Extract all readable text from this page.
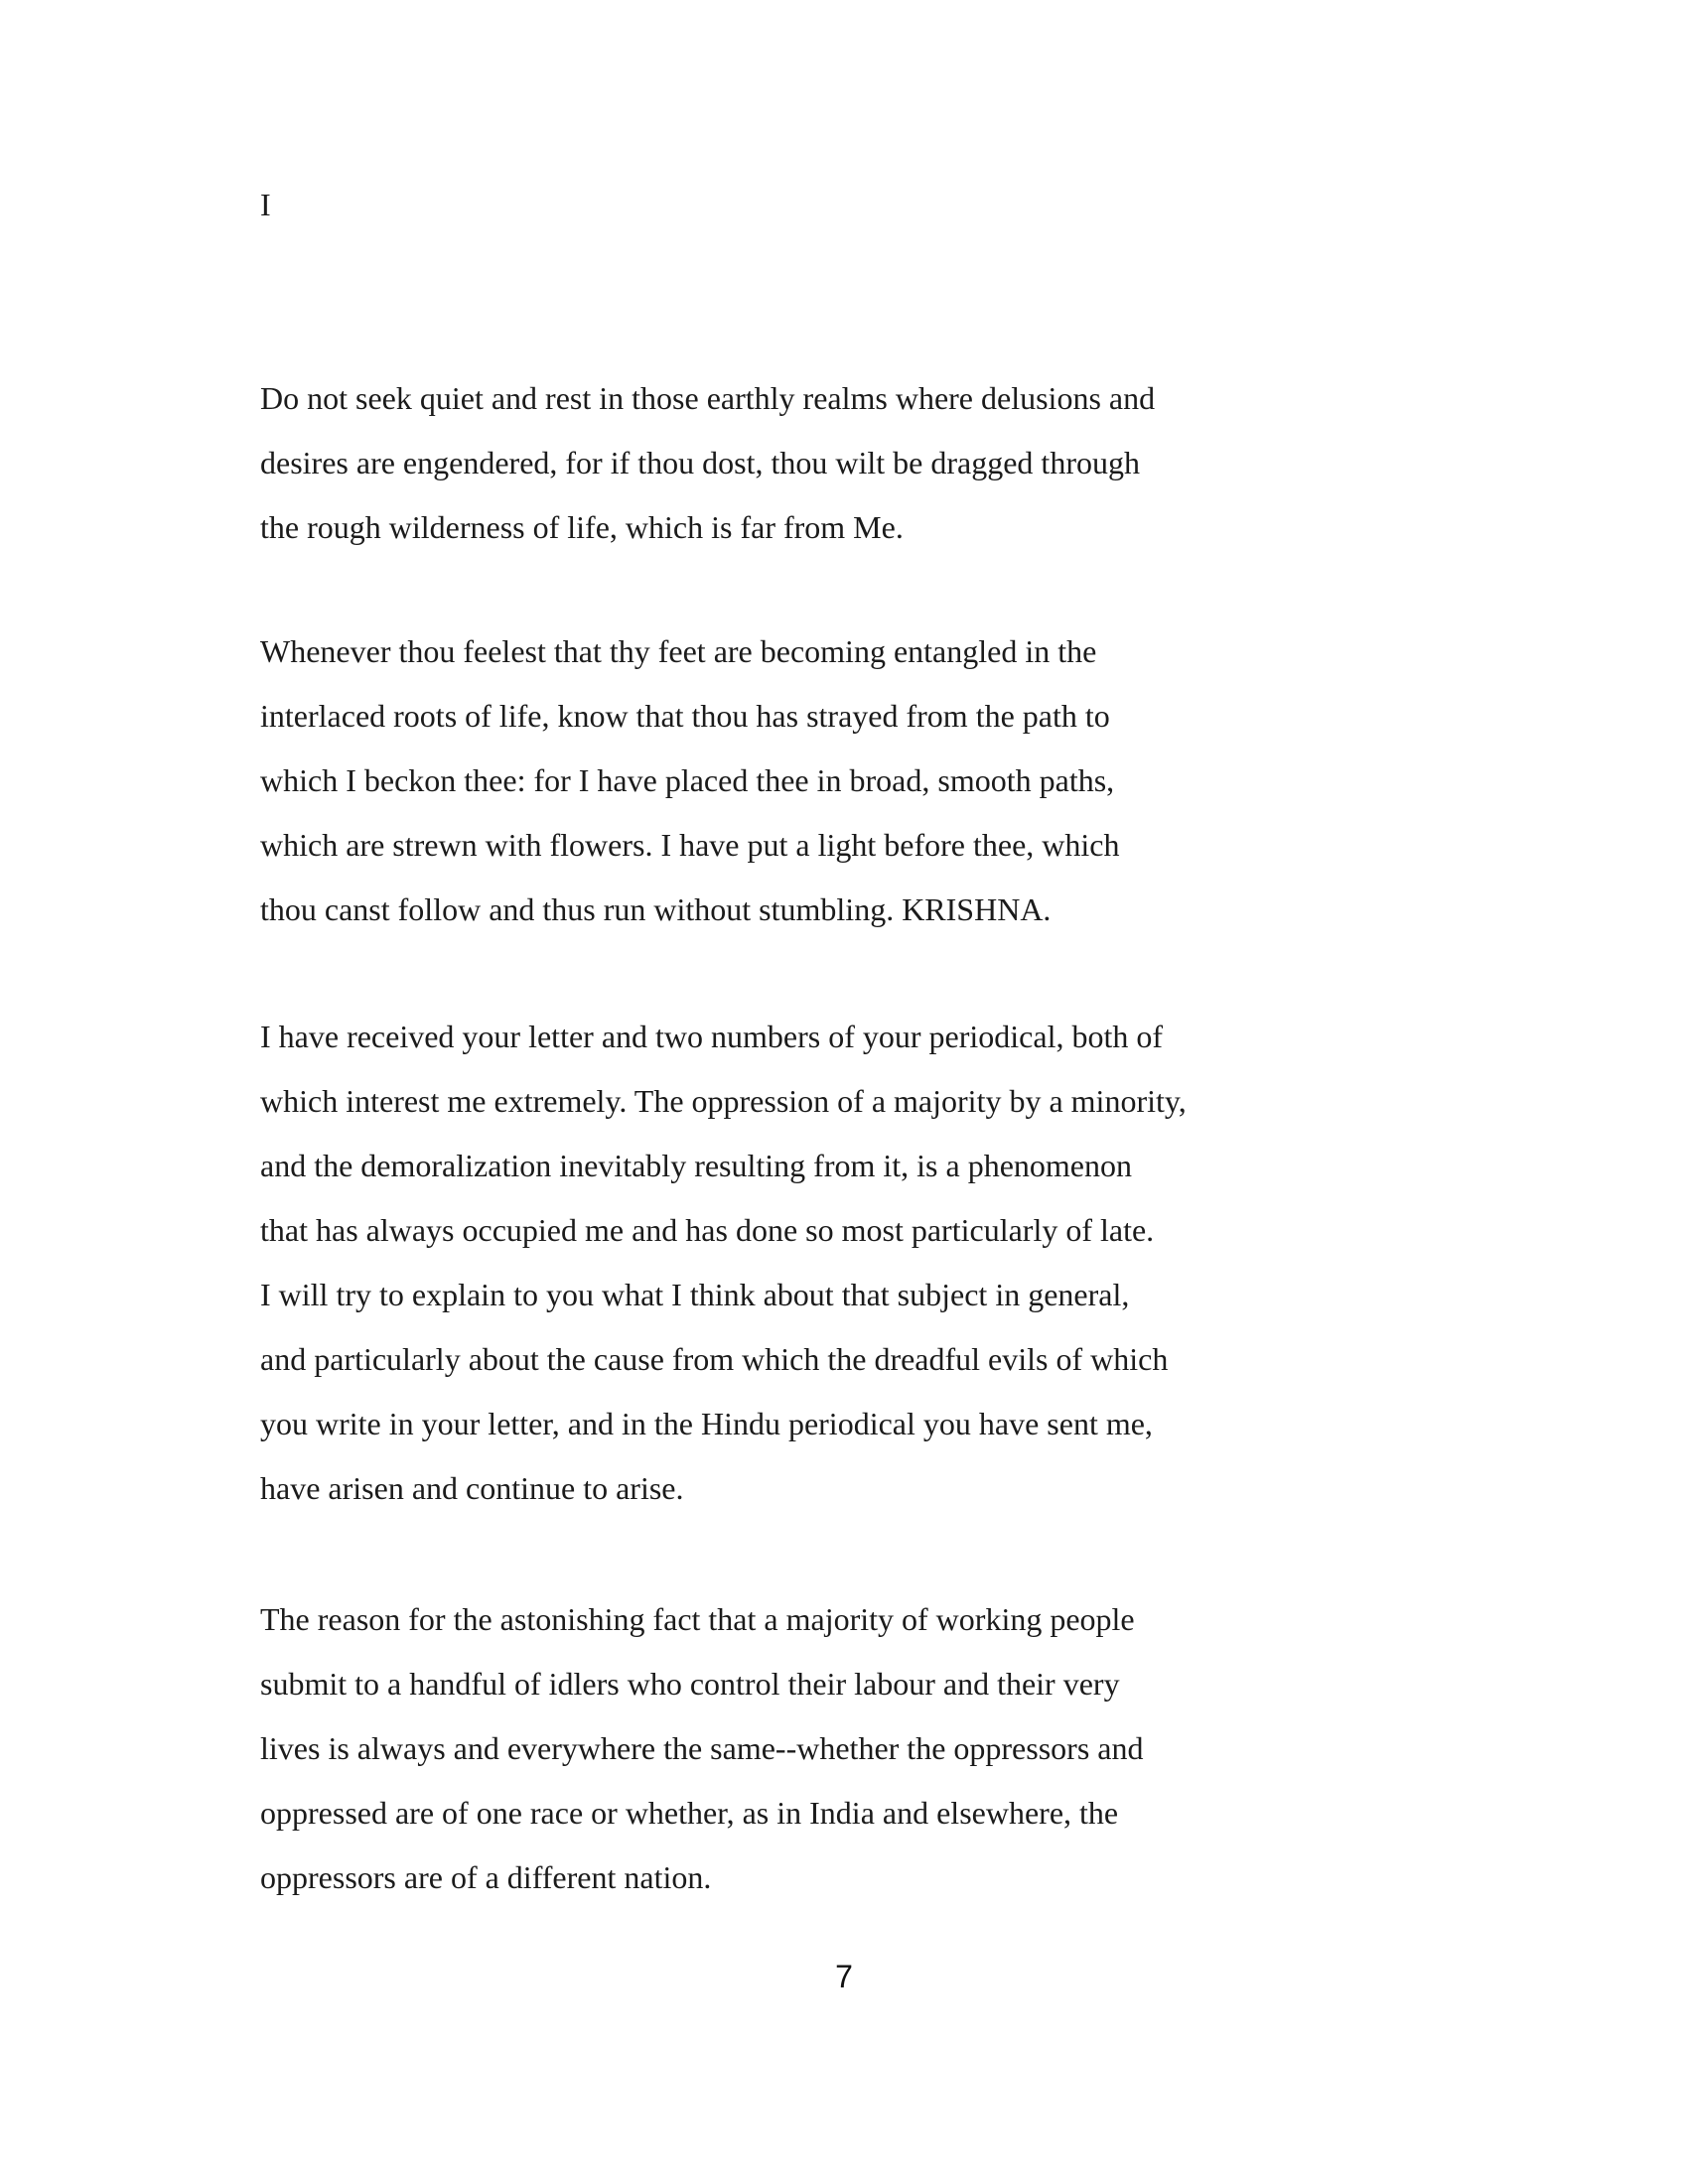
I
Do not seek quiet and rest in those earthly realms where delusions and
desires are engendered, for if thou dost, thou wilt be dragged through
the rough wilderness of life, which is far from Me.
Whenever thou feelest that thy feet are becoming entangled in the
interlaced roots of life, know that thou has strayed from the path to
which I beckon thee: for I have placed thee in broad, smooth paths,
which are strewn with flowers. I have put a light before thee, which
thou canst follow and thus run without stumbling. KRISHNA.
I have received your letter and two numbers of your periodical, both of
which interest me extremely. The oppression of a majority by a minority,
and the demoralization inevitably resulting from it, is a phenomenon
that has always occupied me and has done so most particularly of late.
I will try to explain to you what I think about that subject in general,
and particularly about the cause from which the dreadful evils of which
you write in your letter, and in the Hindu periodical you have sent me,
have arisen and continue to arise.
The reason for the astonishing fact that a majority of working people
submit to a handful of idlers who control their labour and their very
lives is always and everywhere the same--whether the oppressors and
oppressed are of one race or whether, as in India and elsewhere, the
oppressors are of a different nation.
7
